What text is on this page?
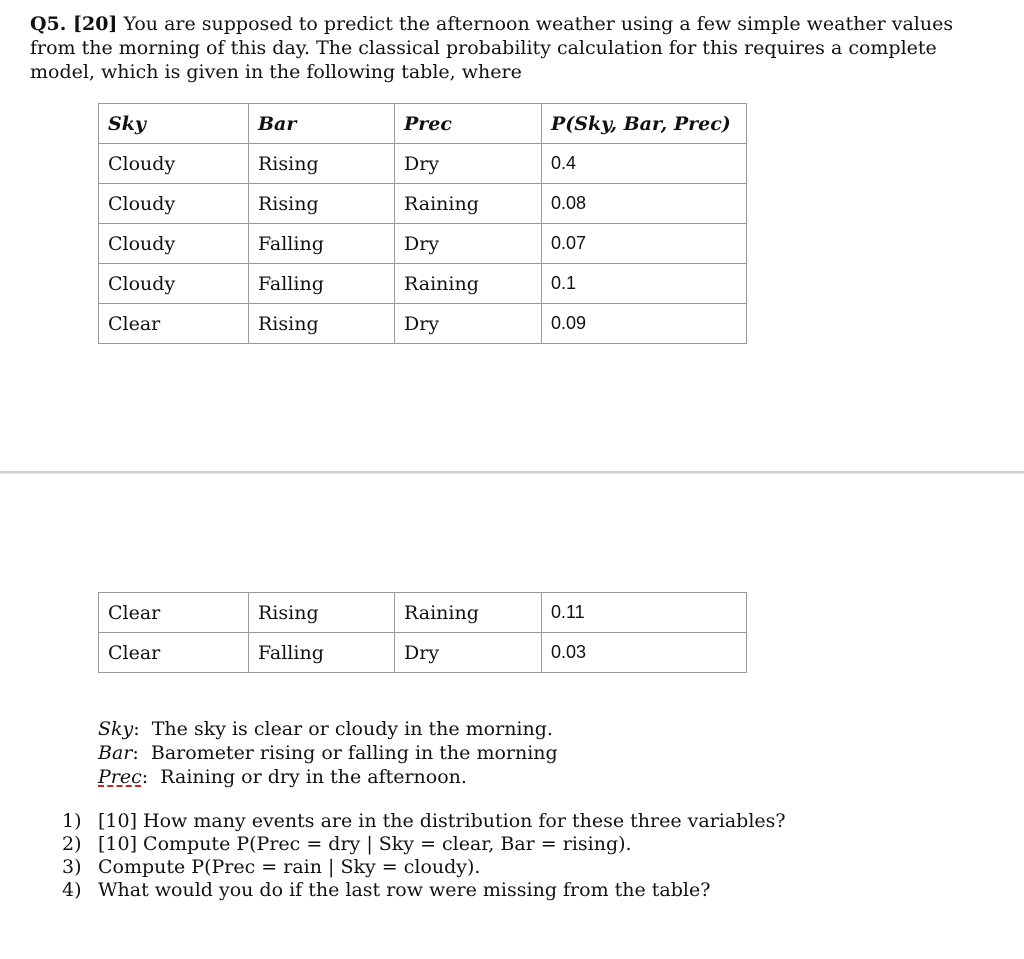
Q5. [20] You are supposed to predict the afternoon weather using a few simple weather values from the morning of this day. The classical probability calculation for this requires a complete model, which is given in the following table, where

Sky	Bar	Prec	P(Sky, Bar, Prec)
Cloudy	Rising	Dry	0.4
Cloudy	Rising	Raining	0.08
Cloudy	Falling	Dry	0.07
Cloudy	Falling	Raining	0.1
Clear	Rising	Dry	0.09
Clear	Rising	Raining	0.11
Clear	Falling	Dry	0.03
Sky:  The sky is clear or cloudy in the morning.
Bar:  Barometer rising or falling in the morning
Prec:  Raining or dry in the afternoon.
1) [10] How many events are in the distribution for these three variables?
2) [10] Compute P(Prec = dry | Sky = clear, Bar = rising).
3) Compute P(Prec = rain | Sky = cloudy).
4) What would you do if the last row were missing from the table?
